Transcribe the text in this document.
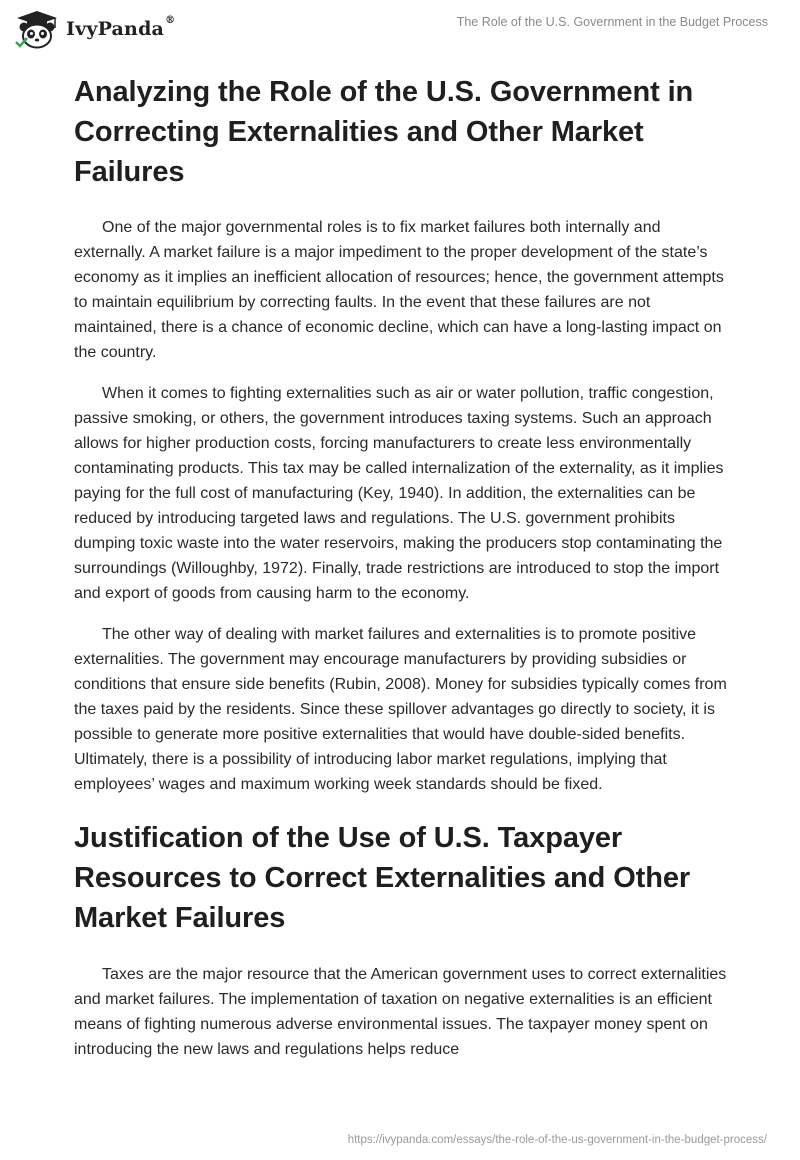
IvyPanda®	The Role of the U.S. Government in the Budget Process
Analyzing the Role of the U.S. Government in Correcting Externalities and Other Market Failures

One of the major governmental roles is to fix market failures both internally and externally. A market failure is a major impediment to the proper development of the state’s economy as it implies an inefficient allocation of resources; hence, the government attempts to maintain equilibrium by correcting faults. In the event that these failures are not maintained, there is a chance of economic decline, which can have a long-lasting impact on the country.

When it comes to fighting externalities such as air or water pollution, traffic congestion, passive smoking, or others, the government introduces taxing systems. Such an approach allows for higher production costs, forcing manufacturers to create less environmentally contaminating products. This tax may be called internalization of the externality, as it implies paying for the full cost of manufacturing (Key, 1940). In addition, the externalities can be reduced by introducing targeted laws and regulations. The U.S. government prohibits dumping toxic waste into the water reservoirs, making the producers stop contaminating the surroundings (Willoughby, 1972). Finally, trade restrictions are introduced to stop the import and export of goods from causing harm to the economy.

The other way of dealing with market failures and externalities is to promote positive externalities. The government may encourage manufacturers by providing subsidies or conditions that ensure side benefits (Rubin, 2008). Money for subsidies typically comes from the taxes paid by the residents. Since these spillover advantages go directly to society, it is possible to generate more positive externalities that would have double-sided benefits. Ultimately, there is a possibility of introducing labor market regulations, implying that employees’ wages and maximum working week standards should be fixed.

Justification of the Use of U.S. Taxpayer Resources to Correct Externalities and Other Market Failures

Taxes are the major resource that the American government uses to correct externalities and market failures. The implementation of taxation on negative externalities is an efficient means of fighting numerous adverse environmental issues. The taxpayer money spent on introducing the new laws and regulations helps reduce

https://ivypanda.com/essays/the-role-of-the-us-government-in-the-budget-process/
